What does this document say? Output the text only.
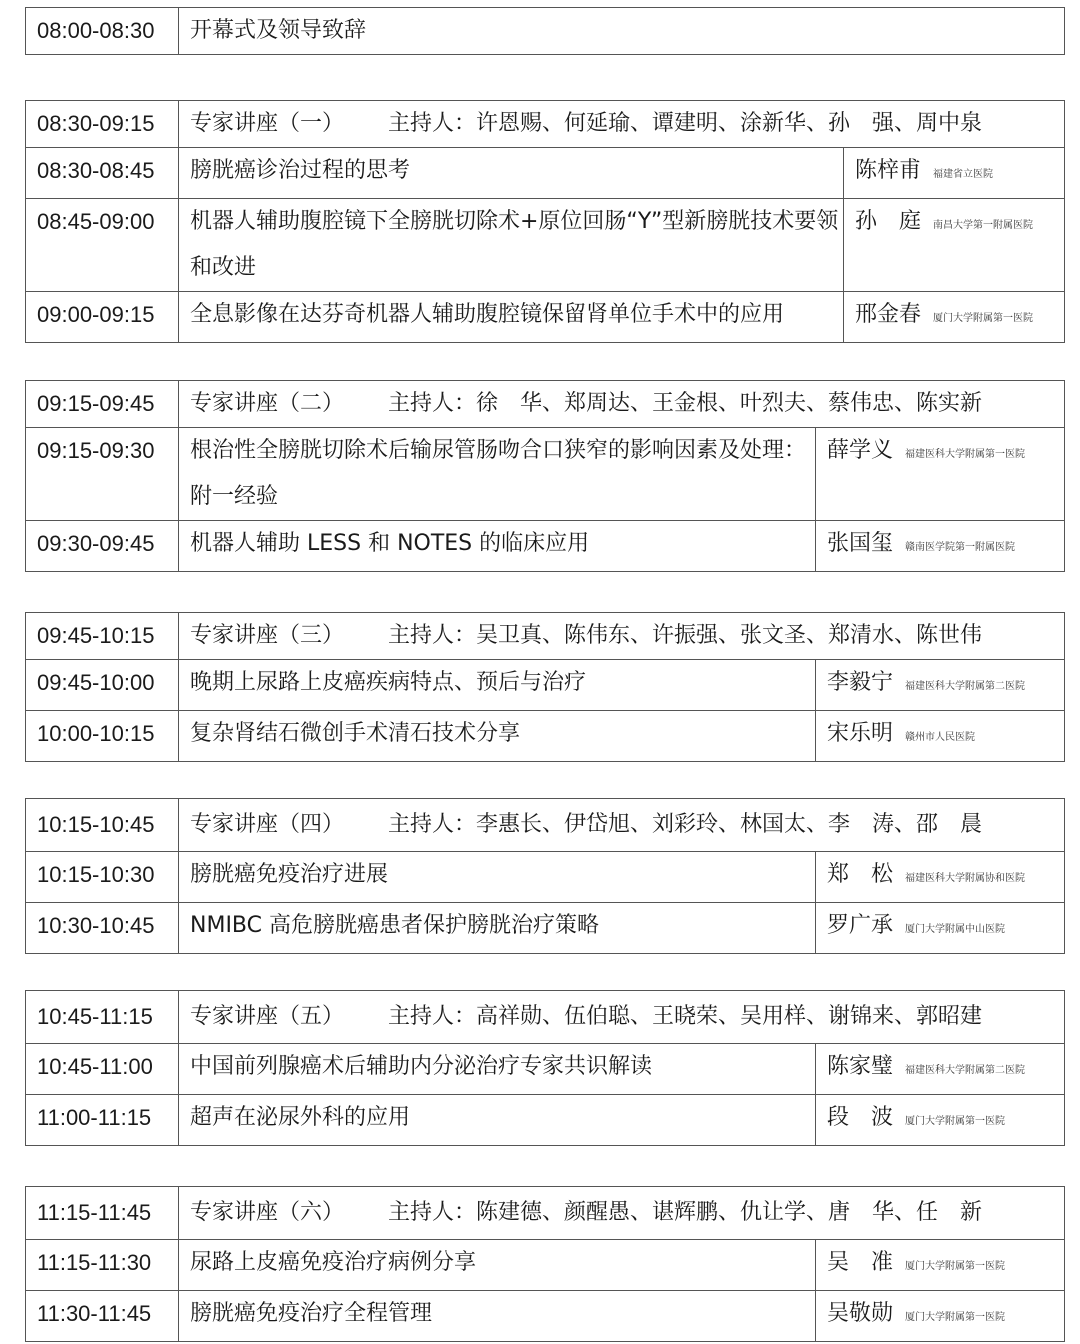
08:00-08:30	开幕式及领导致辞
08:30-09:15	专家讲座（一） 主持人：许恩赐、何延瑜、谭建明、涂新华、孙　强、周中泉	
08:30-08:45	膀胱癌诊治过程的思考	陈梓甫 福建省立医院
08:45-09:00	机器人辅助腹腔镜下全膀胱切除术+原位回肠“Y”型新膀胱技术要领和改进	孙　庭 南昌大学第一附属医院
09:00-09:15	全息影像在达芬奇机器人辅助腹腔镜保留肾单位手术中的应用	邢金春 厦门大学附属第一医院
09:15-09:45	专家讲座（二） 主持人：徐　华、郑周达、王金根、叶烈夫、蔡伟忠、陈实新	
09:15-09:30	根治性全膀胱切除术后输尿管肠吻合口狭窄的影响因素及处理：附一经验	薛学义 福建医科大学附属第一医院
09:30-09:45	机器人辅助 LESS 和 NOTES 的临床应用	张国玺 赣南医学院第一附属医院
09:45-10:15	专家讲座（三） 主持人：吴卫真、陈伟东、许振强、张文圣、郑清水、陈世伟	
09:45-10:00	晚期上尿路上皮癌疾病特点、预后与治疗	李毅宁 福建医科大学附属第二医院
10:00-10:15	复杂肾结石微创手术清石技术分享	宋乐明 赣州市人民医院
10:15-10:45	专家讲座（四） 主持人：李惠长、伊岱旭、刘彩玲、林国太、李　涛、邵　晨	
10:15-10:30	膀胱癌免疫治疗进展	郑　松 福建医科大学附属协和医院
10:30-10:45	NMIBC 高危膀胱癌患者保护膀胱治疗策略	罗广承 厦门大学附属中山医院
10:45-11:15	专家讲座（五） 主持人：高祥勋、伍伯聪、王晓荣、吴用样、谢锦来、郭昭建	
10:45-11:00	中国前列腺癌术后辅助内分泌治疗专家共识解读	陈家璧 福建医科大学附属第二医院
11:00-11:15	超声在泌尿外科的应用	段　波 厦门大学附属第一医院
11:15-11:45	专家讲座（六） 主持人：陈建德、颜醒愚、谌辉鹏、仇让学、唐　华、任　新	
11:15-11:30	尿路上皮癌免疫治疗病例分享	吴　准 厦门大学附属第一医院
11:30-11:45	膀胱癌免疫治疗全程管理	吴敬勋 厦门大学附属第一医院
